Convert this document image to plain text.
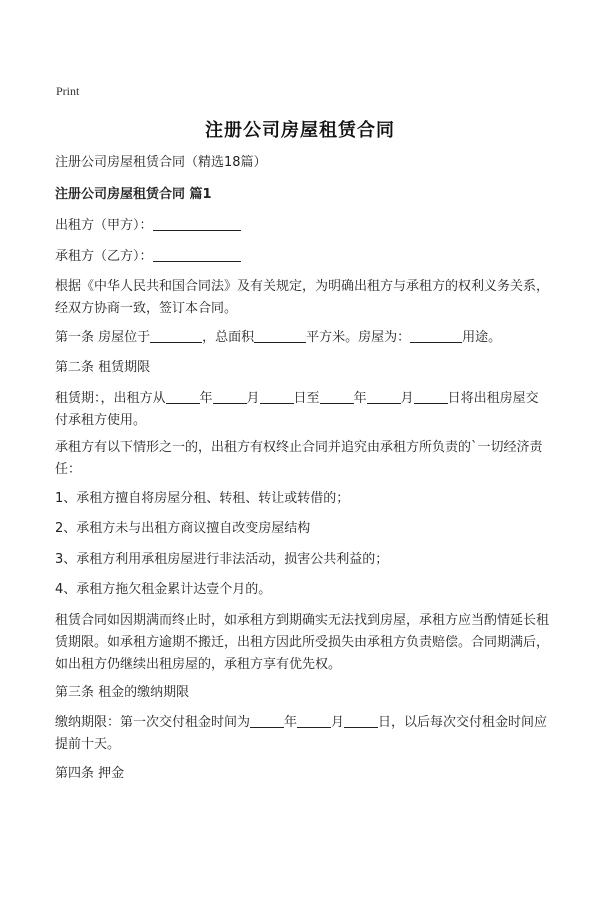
Print
注册公司房屋租赁合同
注册公司房屋租赁合同（精选18篇）
注册公司房屋租赁合同 篇1
出租方（甲方）：
承租方（乙方）：
根据《中华人民共和国合同法》及有关规定，为明确出租方与承租方的权利义务关系，经双方协商一致，签订本合同。
第一条 房屋位于	，总面积	平方米。房屋为：	用途。
第二条 租赁期限
租赁期：，出租方从	年	月	日至	年	月	日将出租房屋交付承租方使用。
承租方有以下情形之一的，出租方有权终止合同并追究由承租方所负责的`一切经济责任：
1、承租方擅自将房屋分租、转租、转让或转借的；
2、承租方未与出租方商议擅自改变房屋结构
3、承租方利用承租房屋进行非法活动，损害公共利益的；
4、承租方拖欠租金累计达壹个月的。
租赁合同如因期满而终止时，如承租方到期确实无法找到房屋，承租方应当酌情延长租赁期限。如承租方逾期不搬迁，出租方因此所受损失由承租方负责赔偿。合同期满后，如出租方仍继续出租房屋的，承租方享有优先权。
第三条 租金的缴纳期限
缴纳期限：第一次交付租金时间为	年	月	日，以后每次交付租金时间应提前十天。
第四条 押金
